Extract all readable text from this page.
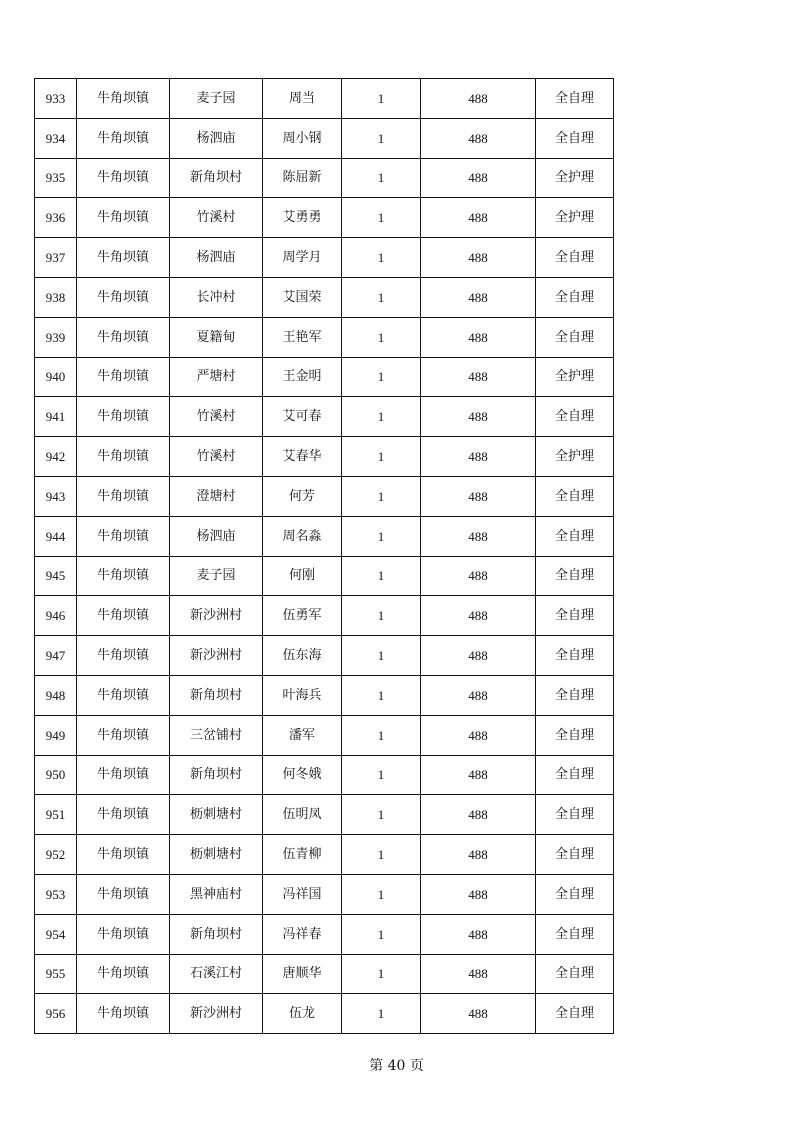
933	牛角坝镇	麦子园	周当	1	488	全自理
934	牛角坝镇	杨泗庙	周小钢	1	488	全自理
935	牛角坝镇	新角坝村	陈屈新	1	488	全护理
936	牛角坝镇	竹溪村	艾勇勇	1	488	全护理
937	牛角坝镇	杨泗庙	周学月	1	488	全自理
938	牛角坝镇	长冲村	艾国荣	1	488	全自理
939	牛角坝镇	夏籍甸	王艳军	1	488	全自理
940	牛角坝镇	严塘村	王金明	1	488	全护理
941	牛角坝镇	竹溪村	艾可春	1	488	全自理
942	牛角坝镇	竹溪村	艾春华	1	488	全护理
943	牛角坝镇	澄塘村	何芳	1	488	全自理
944	牛角坝镇	杨泗庙	周名淼	1	488	全自理
945	牛角坝镇	麦子园	何刚	1	488	全自理
946	牛角坝镇	新沙洲村	伍勇军	1	488	全自理
947	牛角坝镇	新沙洲村	伍东海	1	488	全自理
948	牛角坝镇	新角坝村	叶海兵	1	488	全自理
949	牛角坝镇	三岔铺村	潘军	1	488	全自理
950	牛角坝镇	新角坝村	何冬娥	1	488	全自理
951	牛角坝镇	枥刺塘村	伍明凤	1	488	全自理
952	牛角坝镇	枥刺塘村	伍青柳	1	488	全自理
953	牛角坝镇	黑神庙村	冯祥国	1	488	全自理
954	牛角坝镇	新角坝村	冯祥春	1	488	全自理
955	牛角坝镇	石溪江村	唐顺华	1	488	全自理
956	牛角坝镇	新沙洲村	伍龙	1	488	全自理
第 40 页
